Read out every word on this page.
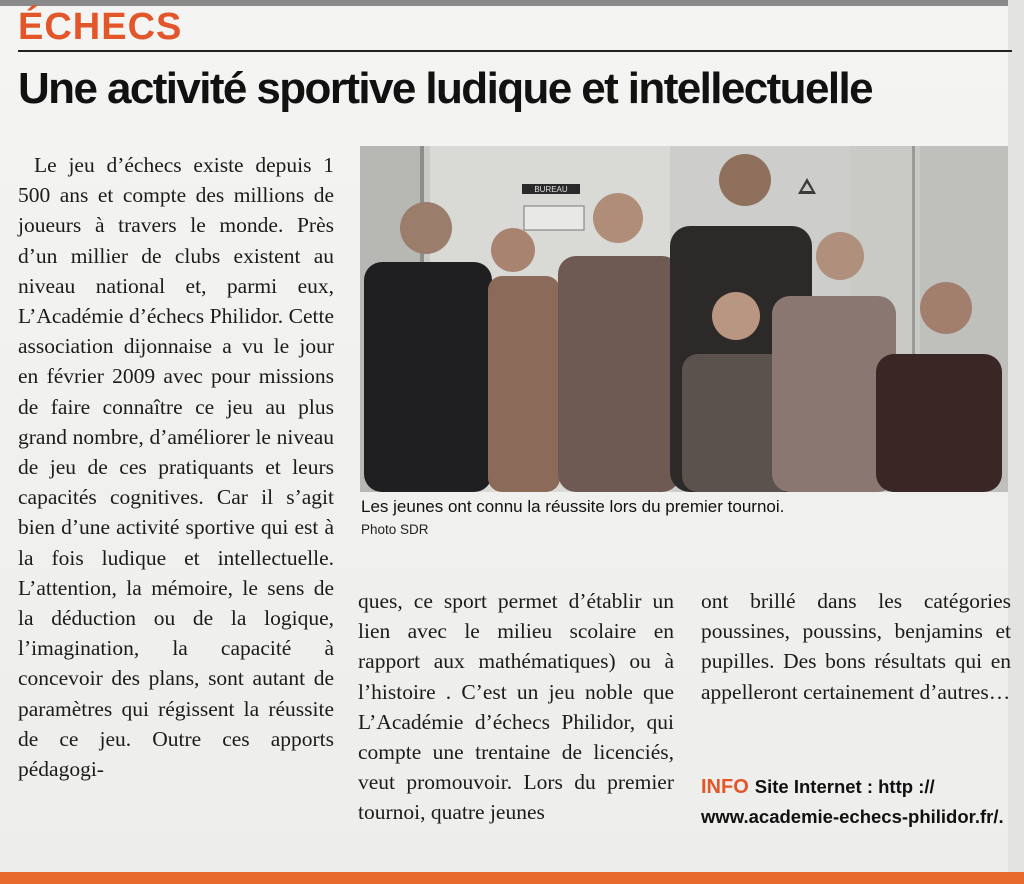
ÉCHECS
Une activité sportive ludique et intellectuelle
Le jeu d’échecs existe depuis 1 500 ans et compte des millions de joueurs à travers le monde. Près d’un millier de clubs existent au niveau national et, parmi eux, L’Académie d’échecs Philidor. Cette association dijonnaise a vu le jour en février 2009 avec pour missions de faire connaître ce jeu au plus grand nombre, d’améliorer le niveau de jeu de ces pratiquants et leurs capacités cognitives. Car il s’agit bien d’une activité sportive qui est à la fois ludique et intellectuelle. L’attention, la mémoire, le sens de la déduction ou de la logique, l’imagination, la capacité à concevoir des plans, sont autant de paramètres qui régissent la réussite de ce jeu. Outre ces apports pédagogi-
BUREAU
Les jeunes ont connu la réussite lors du premier tournoi.
Photo SDR
ques, ce sport permet d’établir un lien avec le milieu scolaire en rapport aux mathématiques) ou à l’histoire . C’est un jeu noble que L’Académie d’échecs Philidor, qui compte une trentaine de licenciés, veut promouvoir. Lors du premier tournoi, quatre jeunes
ont brillé dans les catégories poussines, poussins, benjamins et pupilles. Des bons résultats qui en appelleront certainement d’autres…
INFO Site Internet : http :// www.academie-echecs-philidor.fr/.
